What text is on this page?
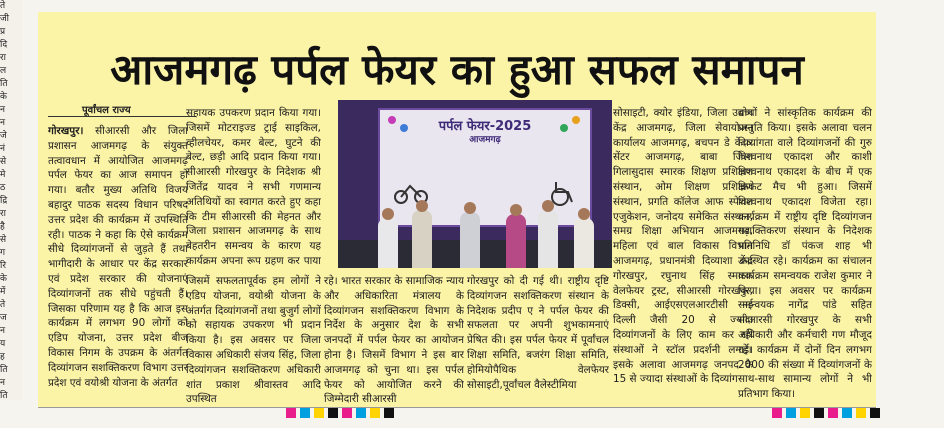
ते
जी
प्र
दि
रा
ल
ति
के
न
न
जे
नं
से
मे
ठ
द्रि
रा
है
से
ग
रि
के
में
ते
ज
न
य
ह
ति
न
ति
आजमगढ़ पर्पल फेयर का हुआ सफल समापन
पूर्वांचल राज्य

गोरखपुर। सीआरसी और जिला प्रशासन आजमगढ़ के संयुक्त तत्वावधान में आयोजित आजमगढ़ पर्पल फेयर का आज समापन हो गया। बतौर मुख्य अतिथि विजय बहादुर पाठक सदस्य विधान परिषद उत्तर प्रदेश की कार्यक्रम में उपस्थिति रही। पाठक ने कहा कि ऐसे कार्यक्रम सीधे दिव्यांगजनों से जुड़ते हैं तथा भागीदारी के आधार पर केंद्र सरकार एवं प्रदेश सरकार की योजनाएं दिव्यांगजनों तक सीधे पहुंचती हैं। जिसका परिणाम यह है कि आज इस कार्यक्रम में लगभग 90 लोगों को एडिप योजना, उत्तर प्रदेश बीज विकास निगम के उपक्रम के अंतर्गत दिव्यांगजन सशक्तिकरण विभाग उत्तर प्रदेश एवं वयोश्री योजना के अंतर्गत

सहायक उपकरण प्रदान किया गया। जिसमें मोटराइज्ड ट्राई साइकिल, व्हीलचेयर, कमर बेल्ट, घुटने की बेल्ट, छड़ी आदि प्रदान किया गया। सीआरसी गोरखपुर के निदेशक श्री जितेंद्र यादव ने सभी गणमान्य अतिथियों का स्वागत करते हुए कहा कि टीम सीआरसी की मेहनत और जिला प्रशासन आजमगढ़ के साथ बेहतरीन समन्वय के कारण यह कार्यक्रम अपना रूप ग्रहण कर पाया

पर्पल फेयर-2025
आजमगढ़

जिसमें सफलतापूर्वक हम लोगों ने एडिप योजना, वयोश्री योजना के अंतर्गत दिव्यांगजनों तथा बुजुर्ग लोगों को सहायक उपकरण भी प्रदान किया है। इस अवसर पर जिला विकास अधिकारी संजय सिंह, जिला दिव्यांगजन सशक्तिकरण अधिकारी शांत प्रकाश श्रीवास्तव आदि उपस्थित

रहे। भारत सरकार के सामाजिक न्याय और अधिकारिता मंत्रालय के दिव्यांगजन सशक्तिकरण विभाग के निर्देश के अनुसार देश के सभी जनपदों में पर्पल फेयर का आयोजन होना है। जिसमें विभाग ने इस बार आजमगढ़ को चुना था। इस पर्पल फेयर को आयोजित करने की जिम्मेदारी सीआरसी

गोरखपुर को दी गई थी। राष्ट्रीय दृष्टि दिव्यांगजन सशक्तिकरण संस्थान के निदेशक प्रदीप ए ने पर्पल फेयर की सफलता पर अपनी शुभकामनाएं प्रेषित की। इस पर्पल फेयर में पूर्वांचल शिक्षा समिति, बजरंग शिक्षा समिति, होमियोपैथिक वेलफेयर सोसाइटी,पूर्वांचल वैलेस्टीमिया

सोसाइटी, क्योर इंडिया, जिला उद्योग केंद्र आजमगढ़, जिला सेवायोजन कार्यालय आजमगढ़, बचपन डे केयर सेंटर आजमगढ़, बाबा जिला गिलासुदास स्मारक शिक्षण प्रशिक्षण संस्थान, ओम शिक्षण प्रशिक्षण संस्थान, प्रगति कॉलेज आफ स्पेशल एजुकेशन, जनोदय समेकित संस्थान, समग्र शिक्षा अभियान आजमगढ़, महिला एवं बाल विकास विभाग आजमगढ़, प्रधानमंत्री दिव्याशा केंद्र गोरखपुर, रघुनाथ सिंह स्मारक वेलफेयर ट्रस्ट, सीआरसी गोरखपुर, डिक्सी, आईएसएलआरटीसी नई दिल्ली जैसी 20 से ज्यादा दिव्यांगजनों के लिए काम कर रही संस्थाओं ने स्टॉल प्रदर्शनी लगाई। इसके अलावा आजमगढ़ जनपद के 15 से ज्यादा संस्थाओं के दिव्यांग

बच्चों ने सांस्कृतिक कार्यक्रम की प्रस्तुति किया। इसके अलावा चलन दिव्यांगता वाले दिव्यांगजनों की गुरु विश्वनाथ एकादश और काशी विश्वनाथ एकादश के बीच में एक क्रिकेट मैच भी हुआ। जिसमें विश्वनाथ एकादश विजेता रहा। कार्यक्रम में राष्ट्रीय दृष्टि दिव्यांगजन सशक्तिकरण संस्थान के निदेशक प्रतिनिधि डॉ पंकज शाह भी उपस्थित रहे। कार्यक्रम का संचालन कार्यक्रम समन्वयक राजेश कुमार ने किया। इस अवसर पर कार्यक्रम समन्वयक नागेंद्र पांडे सहित सीआरसी गोरखपुर के सभी अधिकारी और कर्मचारी गण मौजूद रहे। कार्यक्रम में दोनों दिन लगभग 2000 की संख्या में दिव्यांगजनों के साथ-साथ सामान्य लोगों ने भी प्रतिभाग किया।
